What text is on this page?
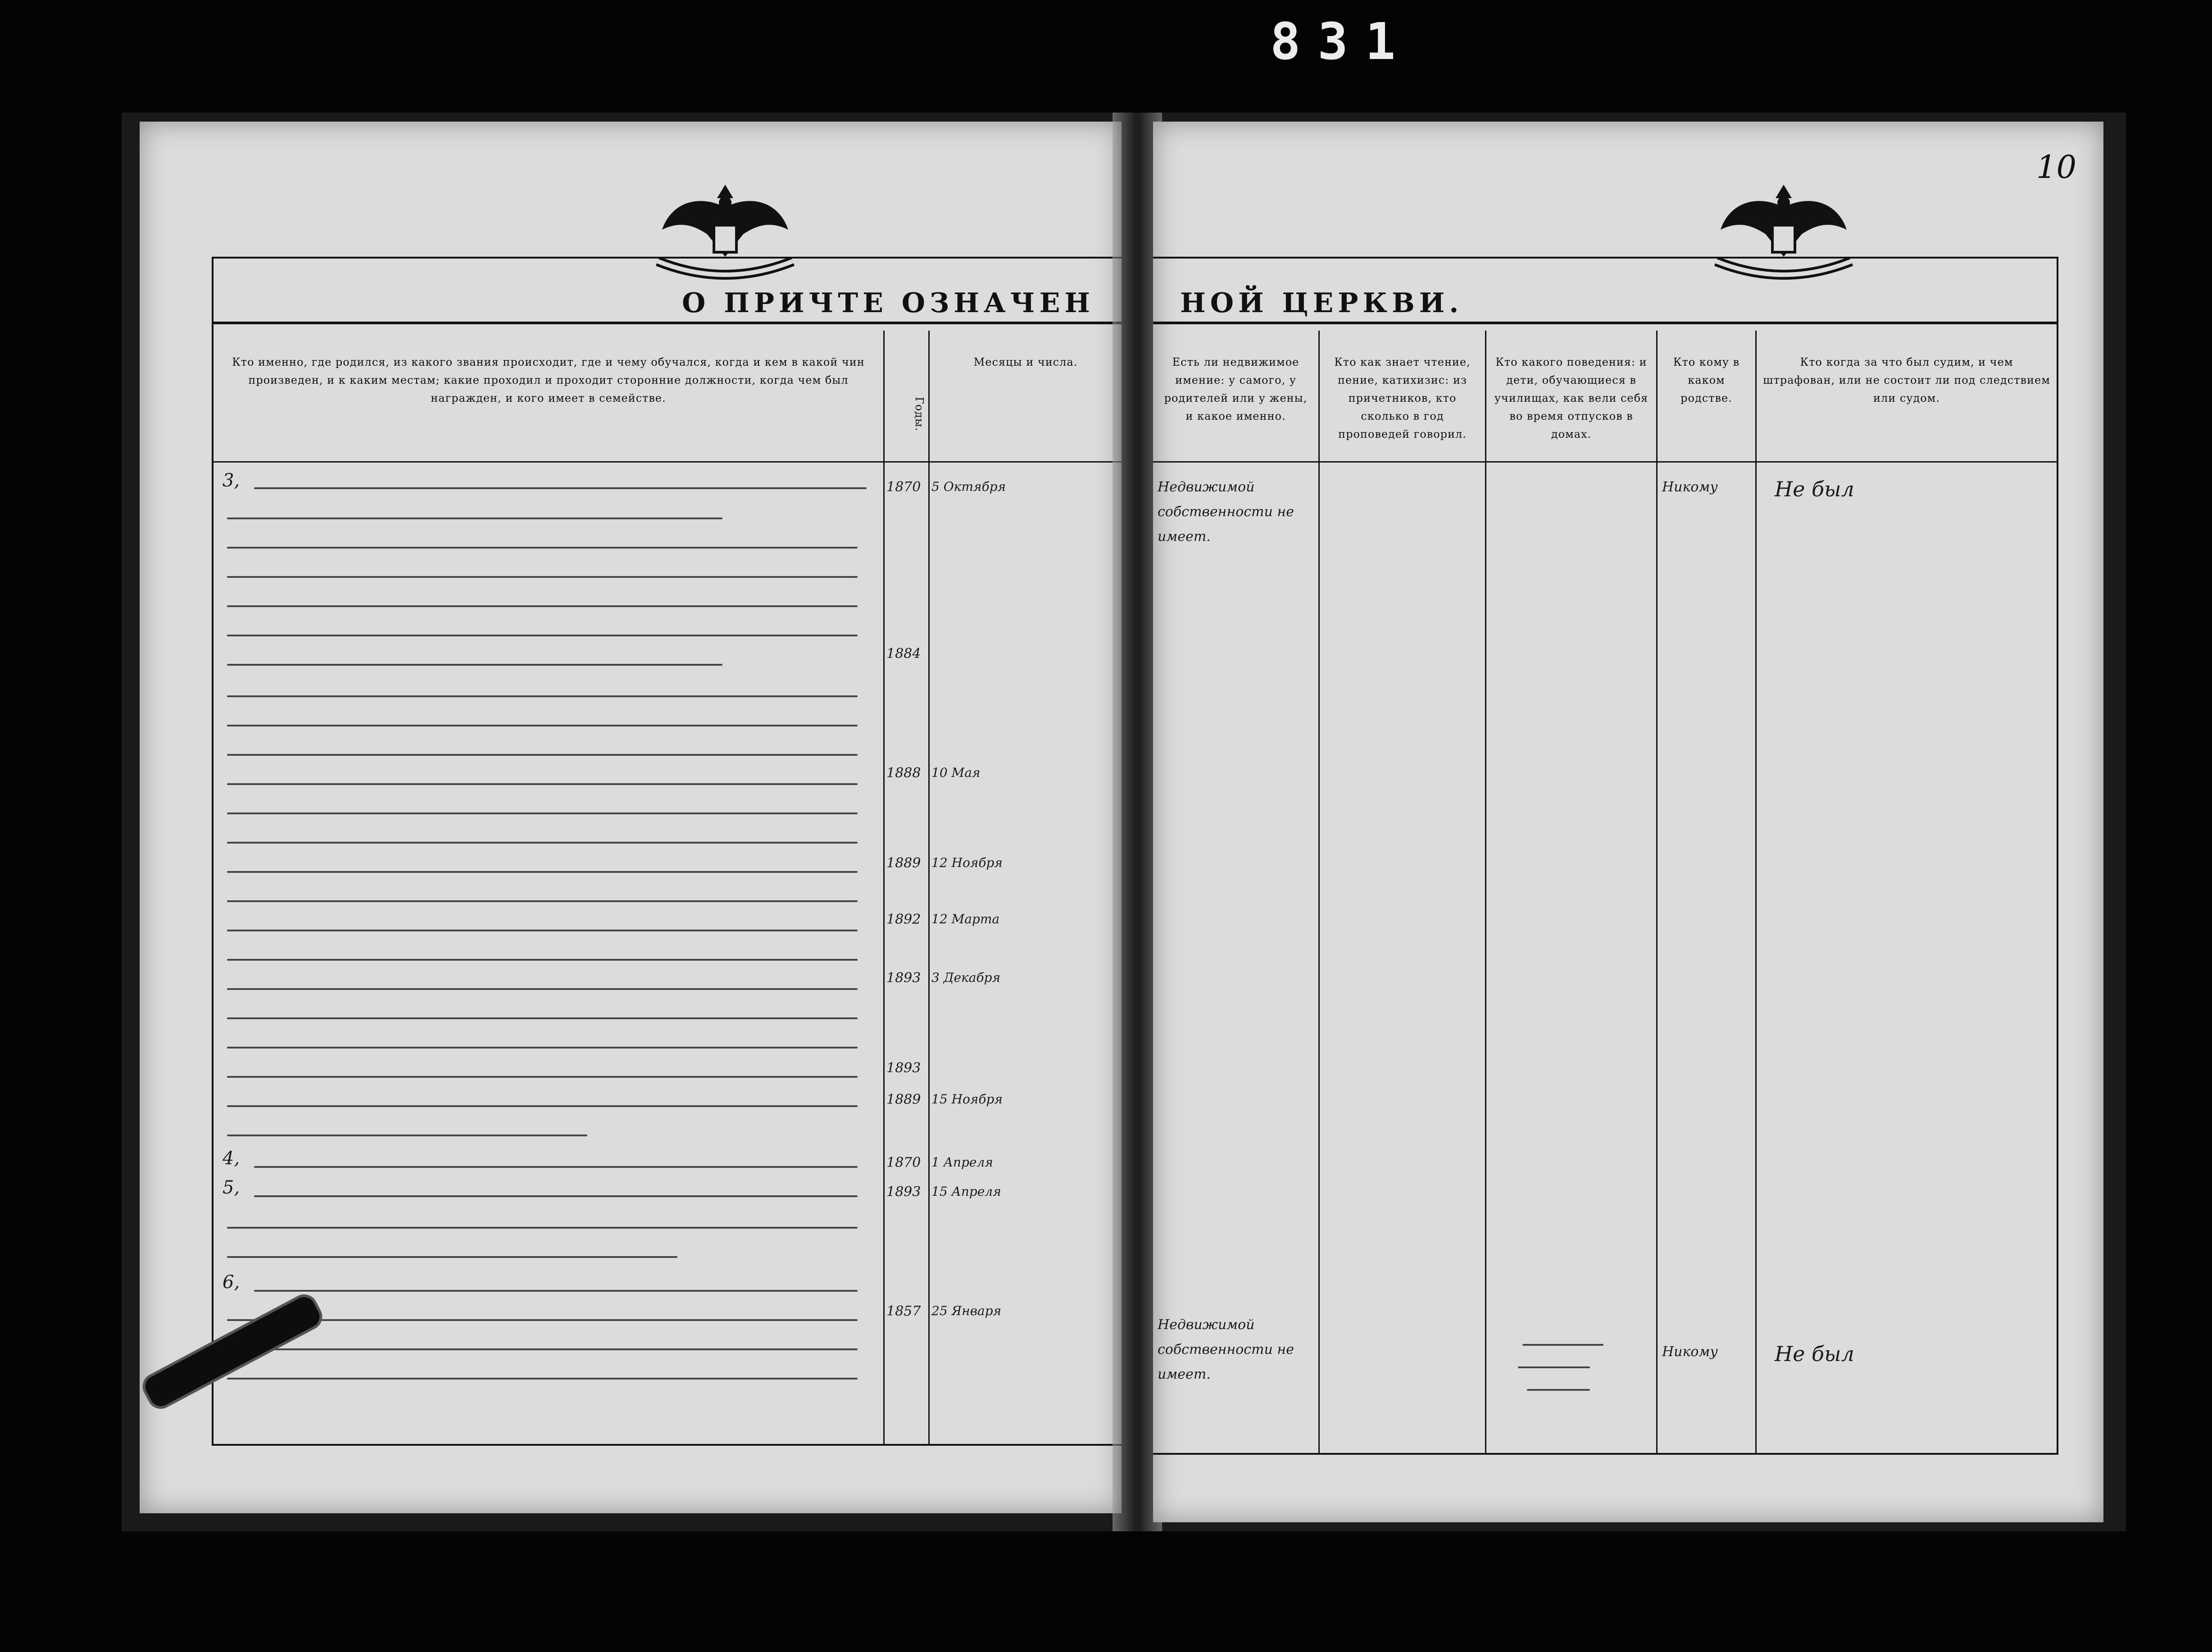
831
О ПРИЧТЕ ОЗНАЧЕН
Кто именно, где родился, из какого звания происходит, где и чему обучался, когда и кем в какой чин произведен, и к каким местам; какие проходил и проходит сторонние должности, когда чем был награжден, и кого имеет в семействе.	Годы.
Месяцы и числа.
3,
4,
5,
6,
1870
1884
1888
1889
1892
1893
1893
1889
1870
1893
1857
5 Октября
10 Мая
12 Ноября
12 Марта
3 Декабря
15 Ноября
1 Апреля
15 Апреля
25 Января
10
НОЙ ЦЕРКВИ.
Есть ли недвижимое имение: у самого, у родителей или у жены, и какое именно.
Кто как знает чтение, пение, катихизис: из причетников, кто сколько в год проповедей говорил.
Кто какого поведения: и дети, обучающиеся в училищах, как вели себя во время отпусков в домах.
Кто кому в каком родстве.
Кто когда за что был судим, и чем штрафован, или не состоит ли под следствием или судом.
Недвижимой собственности не имеет.
Недвижимой собственности не имеет.
Никому
Никому
Не был
Не был
